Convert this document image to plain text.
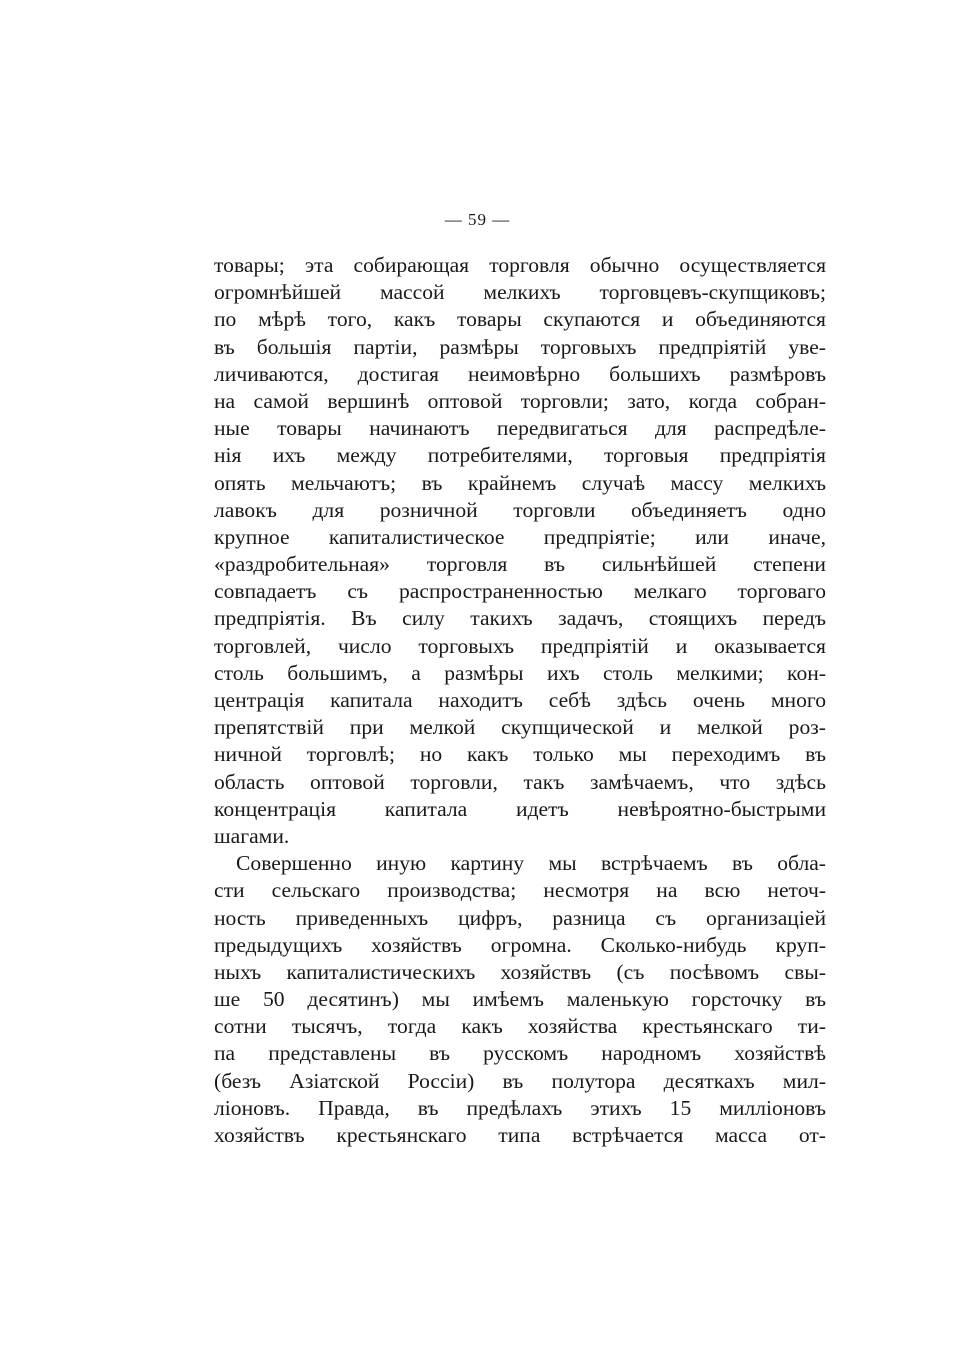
— 59 —
товары; эта собирающая торговля обычно осуществляется
огромнѣйшей массой мелкихъ торговцевъ-скупщиковъ;
по мѣрѣ того, какъ товары скупаются и объединяются
въ большія партіи, размѣры торговыхъ предпріятій уве-
личиваются, достигая неимовѣрно большихъ размѣровъ
на самой вершинѣ оптовой торговли; зато, когда собран-
ные товары начинаютъ передвигаться для распредѣле-
нія ихъ между потребителями, торговыя предпріятія
опять мельчаютъ; въ крайнемъ случаѣ массу мелкихъ
лавокъ для розничной торговли объединяетъ одно
крупное капиталистическое предпріятіе; или иначе,
«раздробительная» торговля въ сильнѣйшей степени
совпадаетъ съ распространенностью мелкаго торговаго
предпріятія. Въ силу такихъ задачъ, стоящихъ передъ
торговлей, число торговыхъ предпріятій и оказывается
столь большимъ, а размѣры ихъ столь мелкими; кон-
центрація капитала находитъ себѣ здѣсь очень много
препятствій при мелкой скупщической и мелкой роз-
ничной торговлѣ; но какъ только мы переходимъ въ
область оптовой торговли, такъ замѣчаемъ, что здѣсь
концентрація капитала идетъ невѣроятно-быстрыми
шагами.
Совершенно иную картину мы встрѣчаемъ въ обла-
сти сельскаго производства; несмотря на всю неточ-
ность приведенныхъ цифръ, разница съ организаціей
предыдущихъ хозяйствъ огромна. Сколько-нибудь круп-
ныхъ капиталистическихъ хозяйствъ (съ посѣвомъ свы-
ше 50 десятинъ) мы имѣемъ маленькую горсточку въ
сотни тысячъ, тогда какъ хозяйства крестьянскаго ти-
па представлены въ русскомъ народномъ хозяйствѣ
(безъ Азіатской Россіи) въ полутора десяткахъ мил-
ліоновъ. Правда, въ предѣлахъ этихъ 15 милліоновъ
хозяйствъ крестьянскаго типа встрѣчается масса от-
